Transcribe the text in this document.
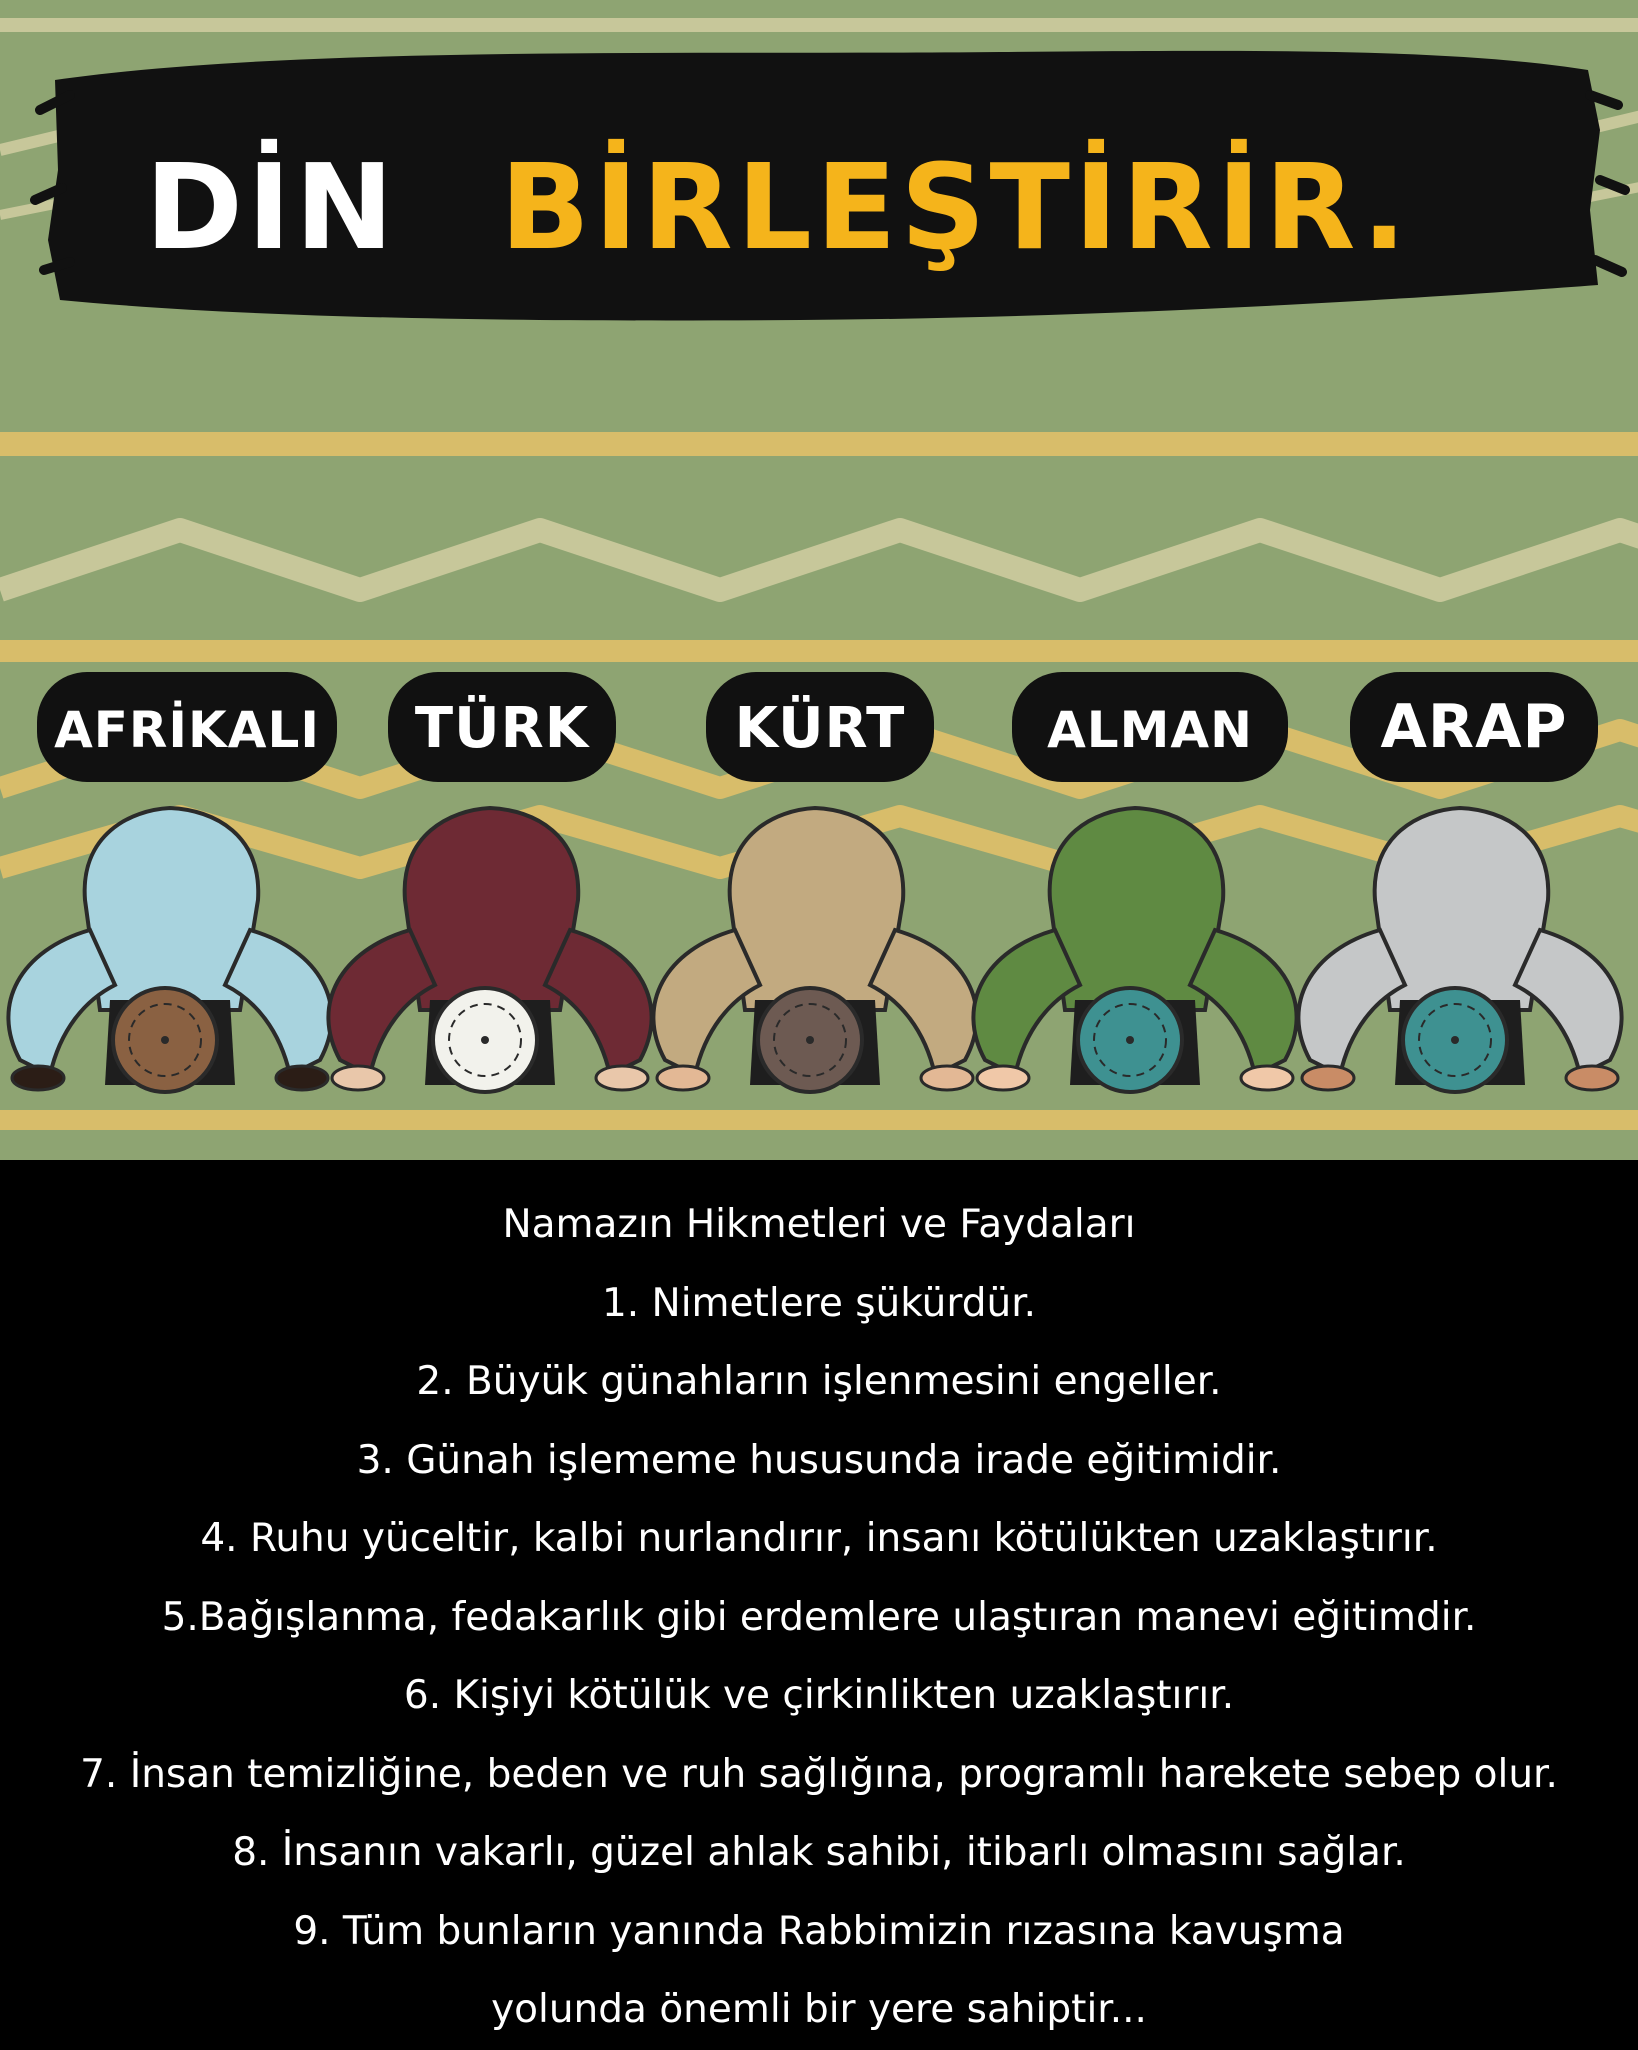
DİN BİRLEŞTİRİR.
AFRİKALI TÜRK	KÜRT	ALMAN ARAP

Namazın Hikmetleri ve Faydaları

1. Nimetlere şükürdür.

2. Büyük günahların işlenmesini engeller.

3. Günah işlememe hususunda irade eğitimidir.

4. Ruhu yüceltir, kalbi nurlandırır, insanı kötülükten uzaklaştırır.

5.Bağışlanma, fedakarlık gibi erdemlere ulaştıran manevi eğitimdir.

6. Kişiyi kötülük ve çirkinlikten uzaklaştırır.

7. İnsan temizliğine, beden ve ruh sağlığına, programlı harekete sebep olur.

8. İnsanın vakarlı, güzel ahlak sahibi, itibarlı olmasını sağlar.

9. Tüm bunların yanında Rabbimizin rızasına kavuşma

yolunda önemli bir yere sahiptir...
